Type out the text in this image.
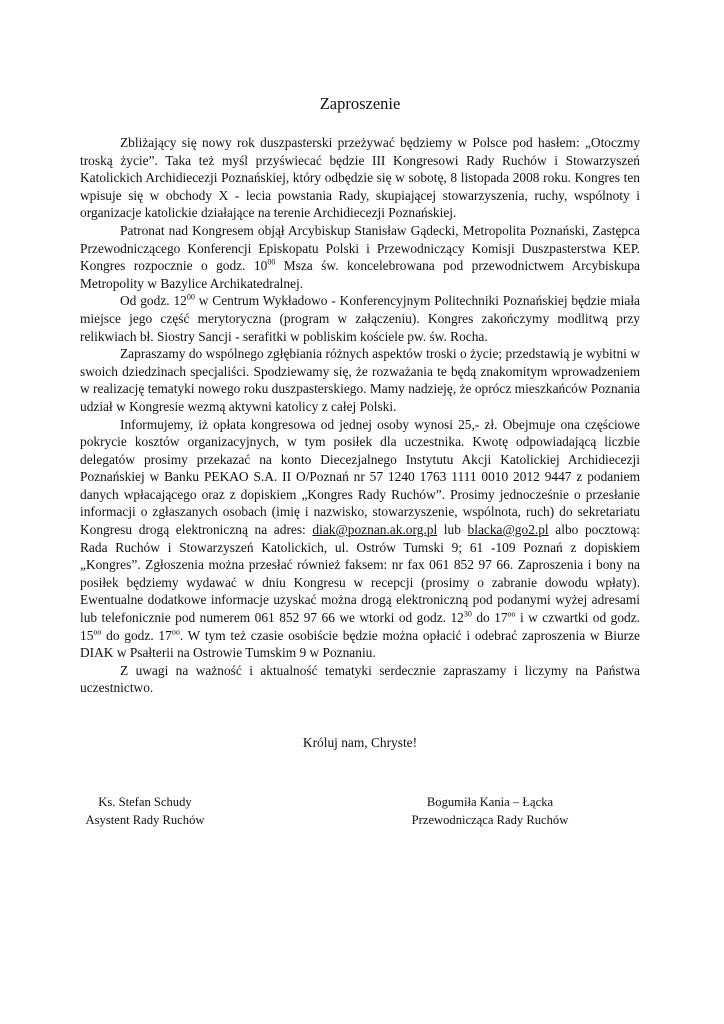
Zaproszenie

Zbliżający się nowy rok duszpasterski przeżywać będziemy w Polsce pod hasłem: „Otoczmy troską życie”. Taka też myśl przyświecać będzie III Kongresowi Rady Ruchów i Stowarzyszeń Katolickich Archidiecezji Poznańskiej, który odbędzie się w sobotę, 8 listopada 2008 roku. Kongres ten wpisuje się w obchody X - lecia powstania Rady, skupiającej stowarzyszenia, ruchy, wspólnoty i organizacje katolickie działające na terenie Archidiecezji Poznańskiej.

Patronat nad Kongresem objął Arcybiskup Stanisław Gądecki, Metropolita Poznański, Zastępca Przewodniczącego Konferencji Episkopatu Polski i Przewodniczący Komisji Duszpasterstwa KEP. Kongres rozpocznie o godz. $10^{00}$ Msza św. koncelebrowana pod przewodnictwem Arcybiskupa Metropolity w Bazylice Archikatedralnej.

Od godz. $12^{00}$ w Centrum Wykładowo - Konferencyjnym Politechniki Poznańskiej będzie miała miejsce jego część merytoryczna (program w załączeniu). Kongres zakończymy modlitwą przy relikwiach bł. Siostry Sancji - serafitki w pobliskim kościele pw. św. Rocha.

Zapraszamy do wspólnego zgłębiania różnych aspektów troski o życie; przedstawią je wybitni w swoich dziedzinach specjaliści. Spodziewamy się, że rozważania te będą znakomitym wprowadzeniem w realizację tematyki nowego roku duszpasterskiego. Mamy nadzieję, że oprócz mieszkańców Poznania udział w Kongresie wezmą aktywni katolicy z całej Polski.

Informujemy, iż opłata kongresowa od jednej osoby wynosi 25,- zł. Obejmuje ona częściowe pokrycie kosztów organizacyjnych, w tym posiłek dla uczestnika. Kwotę odpowiadającą liczbie delegatów prosimy przekazać na konto Diecezjalnego Instytutu Akcji Katolickiej Archidiecezji Poznańskiej w Banku PEKAO S.A. II O/Poznań nr 57 1240 1763 1111 0010 2012 9447 z podaniem danych wpłacającego oraz z dopiskiem „Kongres Rady Ruchów”. Prosimy jednocześnie o przesłanie informacji o zgłaszanych osobach (imię i nazwisko, stowarzyszenie, wspólnota, ruch) do sekretariatu Kongresu drogą elektroniczną na adres: diak@poznan.ak.org.pl lub blacka@go2.pl albo pocztową: Rada Ruchów i Stowarzyszeń Katolickich, ul. Ostrów Tumski 9; 61 -109 Poznań z dopiskiem „Kongres”. Zgłoszenia można przesłać również faksem: nr fax 061 852 97 66. Zaproszenia i bony na posiłek będziemy wydawać w dniu Kongresu w recepcji (prosimy o zabranie dowodu wpłaty). Ewentualne dodatkowe informacje uzyskać można drogą elektroniczną pod podanymi wyżej adresami lub telefonicznie pod numerem 061 852 97 66 we wtorki od godz. $12^{30}$ do $17^{oo}$ i w czwartki od godz. $15^{oo}$ do godz. $17^{oo}$. W tym też czasie osobiście będzie można opłacić i odebrać zaproszenia w Biurze DIAK w Psałterii na Ostrowie Tumskim 9 w Poznaniu.

Z uwagi na ważność i aktualność tematyki serdecznie zapraszamy i liczymy na Państwa uczestnictwo.

Króluj nam, Chryste!
Ks. Stefan Schudy
Asystent Rady Ruchów
Bogumiła Kania – Łącka
Przewodnicząca Rady Ruchów
